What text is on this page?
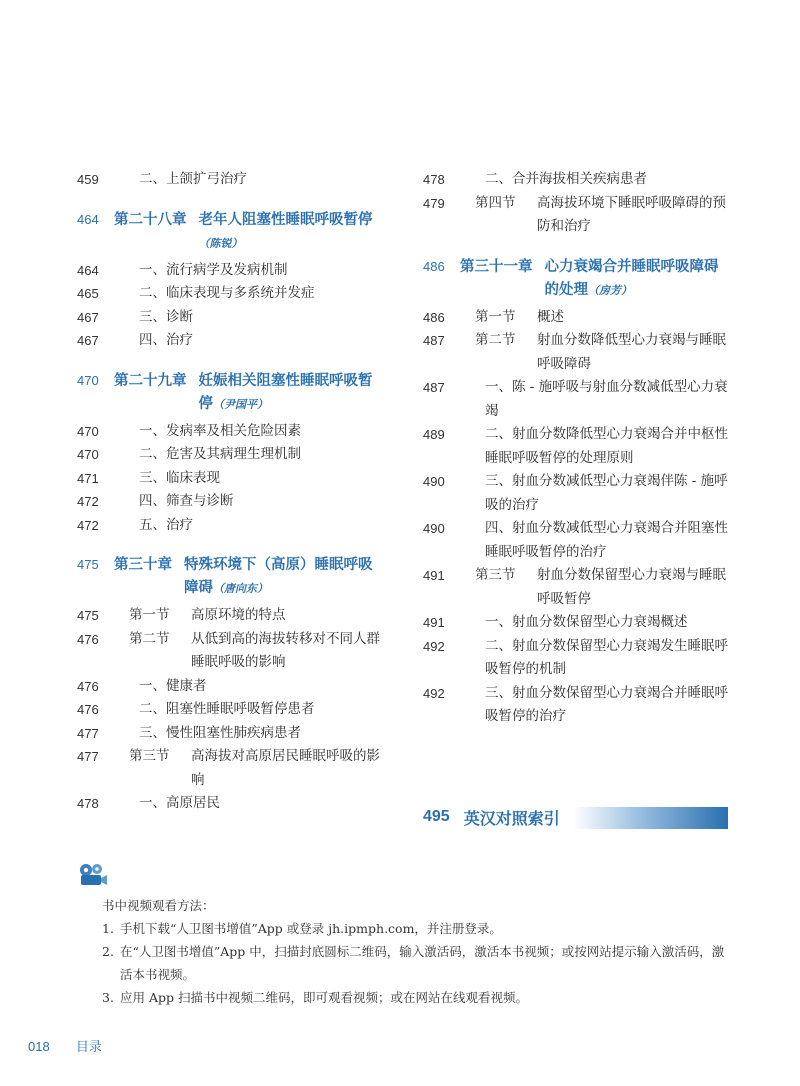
459	二、上颌扩弓治疗
464	第二十八章 老年人阻塞性睡眠呼吸暂停（陈锐）
464	一、流行病学及发病机制
465	二、临床表现与多系统并发症
467	三、诊断
467	四、治疗
470	第二十九章 妊娠相关阻塞性睡眠呼吸暂停（尹国平）
470	一、发病率及相关危险因素
470	二、危害及其病理生理机制
471	三、临床表现
472	四、筛查与诊断
472	五、治疗
475	第三十章 特殊环境下（高原）睡眠呼吸障碍（唐向东）
475	第一节	高原环境的特点
476	第二节	从低到高的海拔转移对不同人群睡眠呼吸的影响
476	一、健康者
476	二、阻塞性睡眠呼吸暂停患者
477	三、慢性阻塞性肺疾病患者
477	第三节	高海拔对高原居民睡眠呼吸的影响
478	一、高原居民
478	二、合并海拔相关疾病患者
479	第四节	高海拔环境下睡眠呼吸障碍的预防和治疗
486	第三十一章 心力衰竭合并睡眠呼吸障碍的处理（房芳）
486	第一节	概述
487	第二节	射血分数降低型心力衰竭与睡眠呼吸障碍
487	一、陈 - 施呼吸与射血分数减低型心力衰竭
489	二、射血分数降低型心力衰竭合并中枢性睡眠呼吸暂停的处理原则
490	三、射血分数减低型心力衰竭伴陈 - 施呼吸的治疗
490	四、射血分数减低型心力衰竭合并阻塞性睡眠呼吸暂停的治疗
491	第三节	射血分数保留型心力衰竭与睡眠呼吸暂停
491	一、射血分数保留型心力衰竭概述
492	二、射血分数保留型心力衰竭发生睡眠呼吸暂停的机制
492	三、射血分数保留型心力衰竭合并睡眠呼吸暂停的治疗
495 英汉对照索引
书中视频观看方法：
1. 手机下载“人卫图书增值”App 或登录 jh.ipmph.com，并注册登录。
2. 在“人卫图书增值”App 中，扫描封底圆标二维码，输入激活码，激活本书视频；或按网站提示输入激活码，激活本书视频。
3. 应用 App 扫描书中视频二维码，即可观看视频；或在网站在线观看视频。
018 目录
